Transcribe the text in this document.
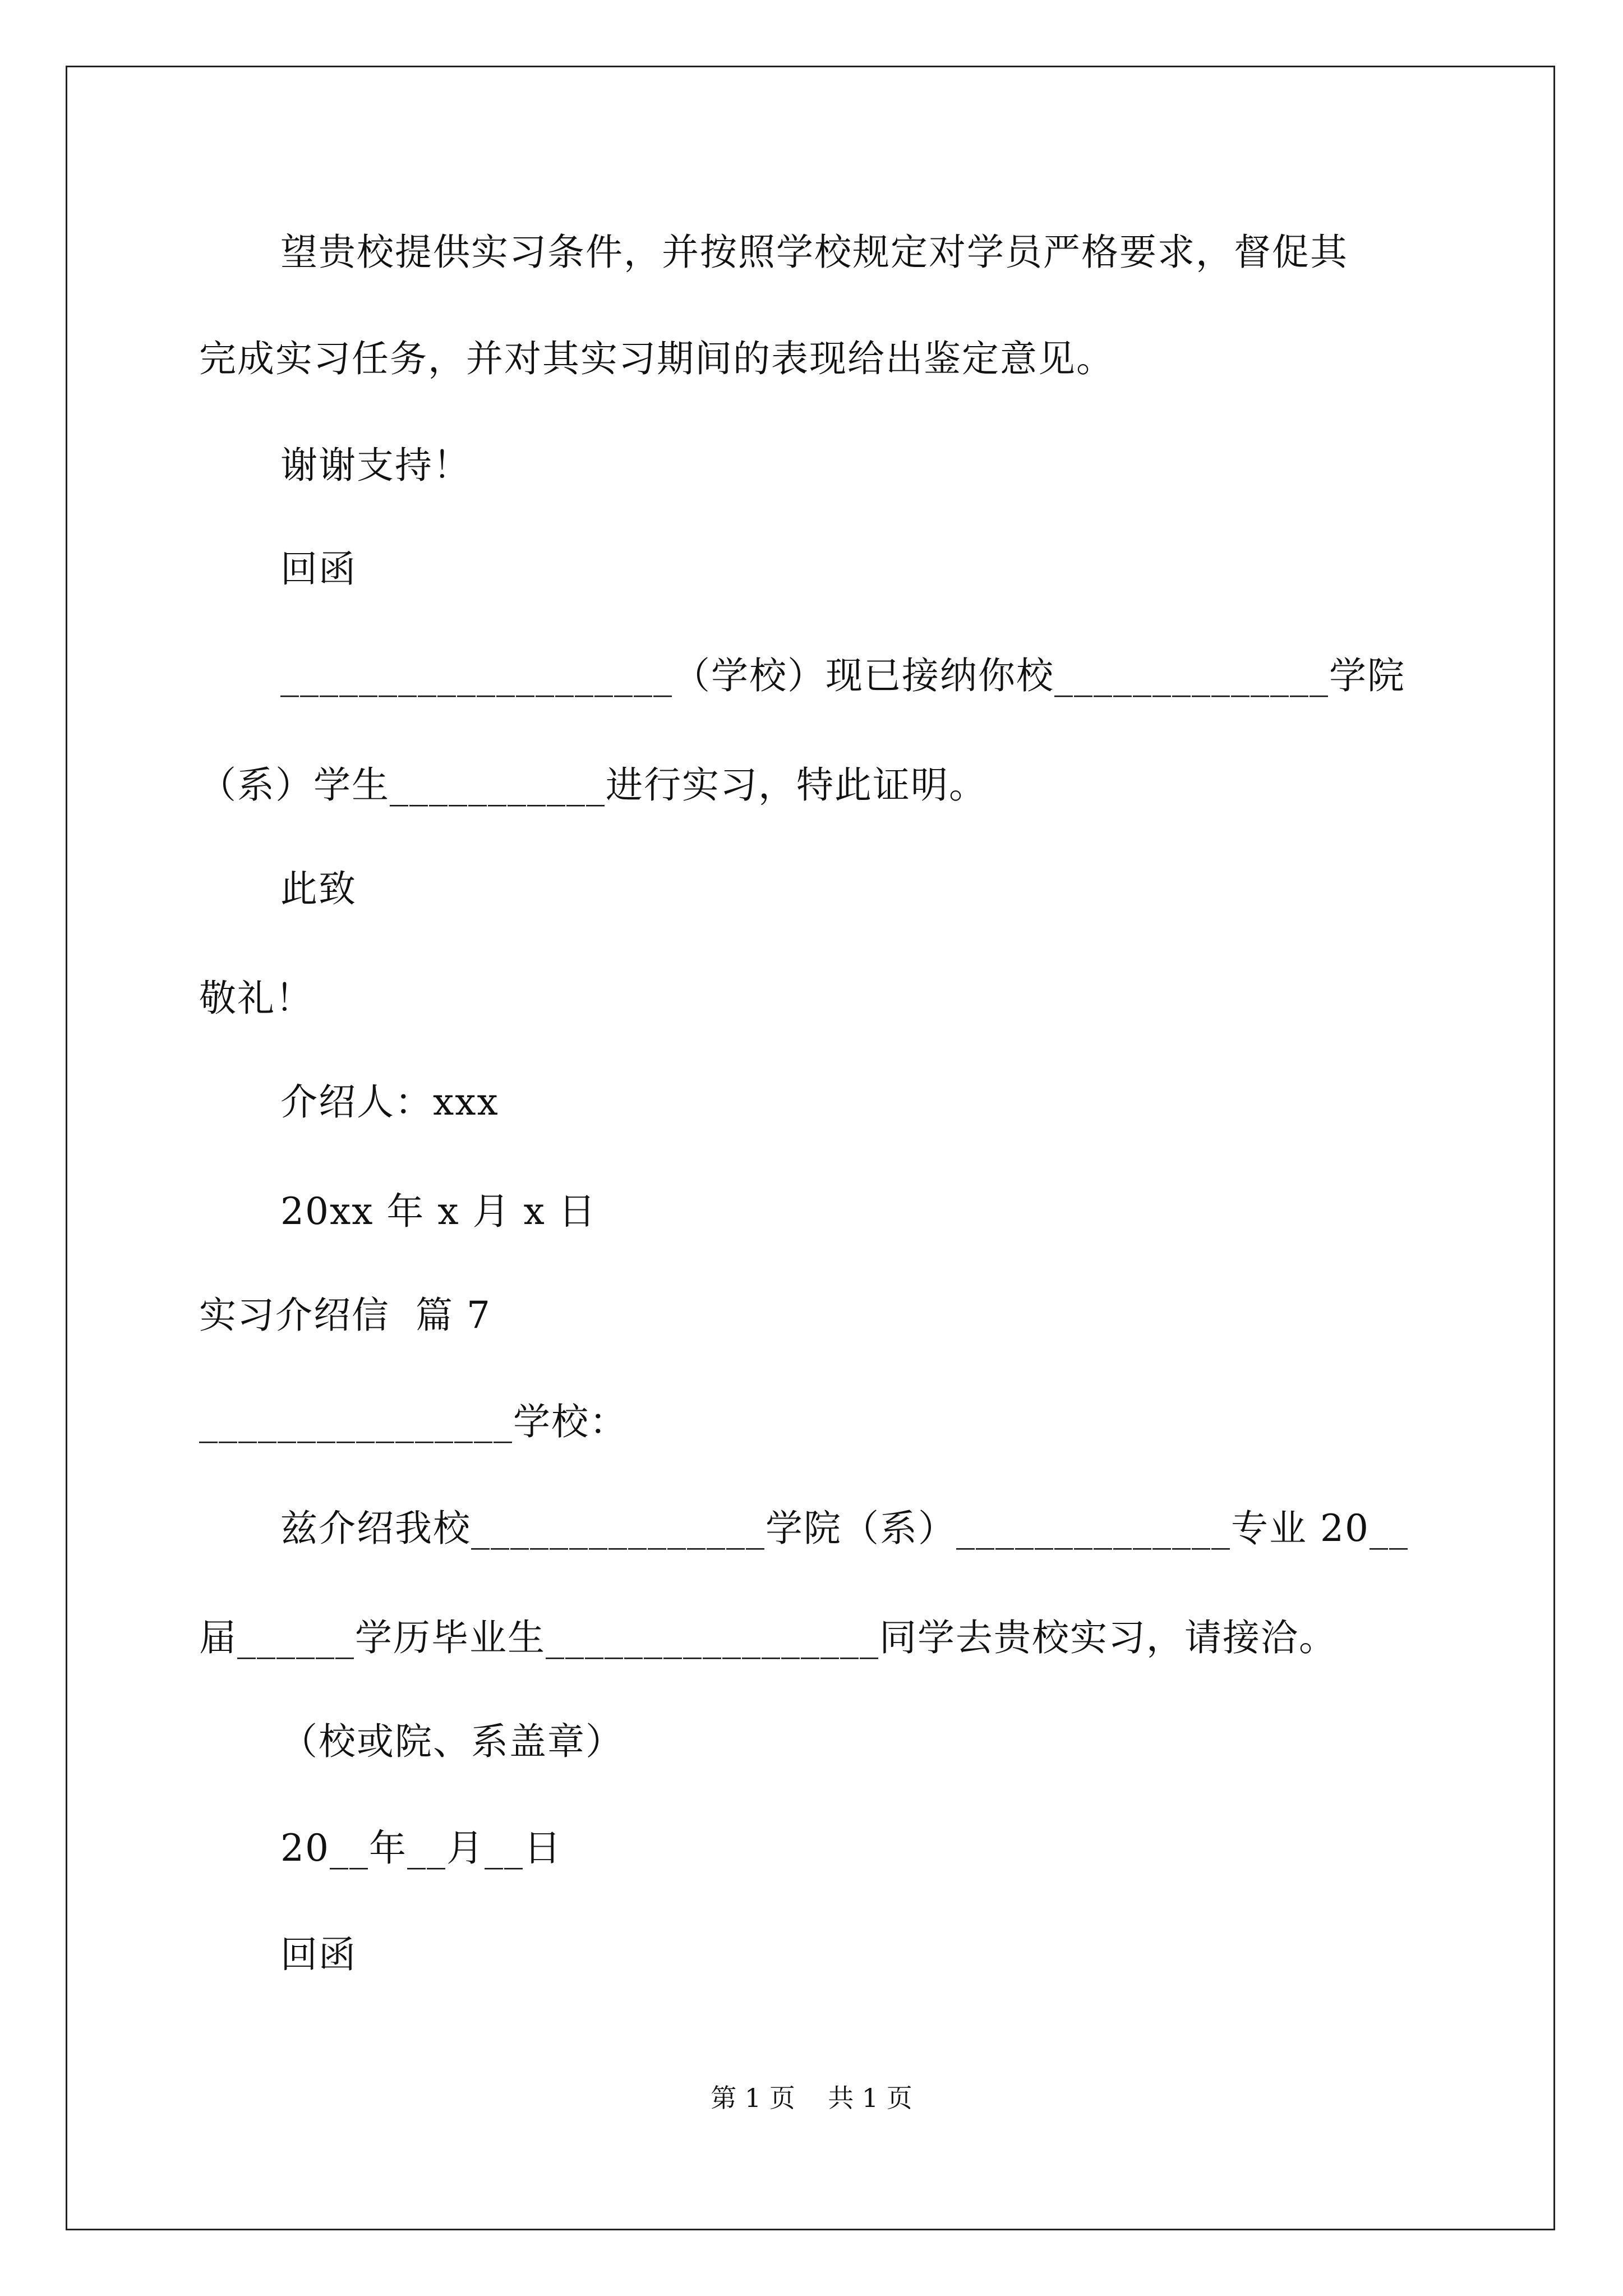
望贵校提供实习条件，并按照学校规定对学员严格要求，督促其
完成实习任务，并对其实习期间的表现给出鉴定意见。
谢谢支持！
回函
____________________（学校）现已接纳你校______________学院
（系）学生___________进行实习，特此证明。
此致
敬礼！
介绍人：xxx
20xx 年 x 月 x 日
实习介绍信  篇 7
________________学校：
兹介绍我校_______________学院（系）______________专业 20__
届______学历毕业生_________________同学去贵校实习，请接洽。
（校或院、系盖章）
20__年__月__日
回函
第 1 页    共 1 页
